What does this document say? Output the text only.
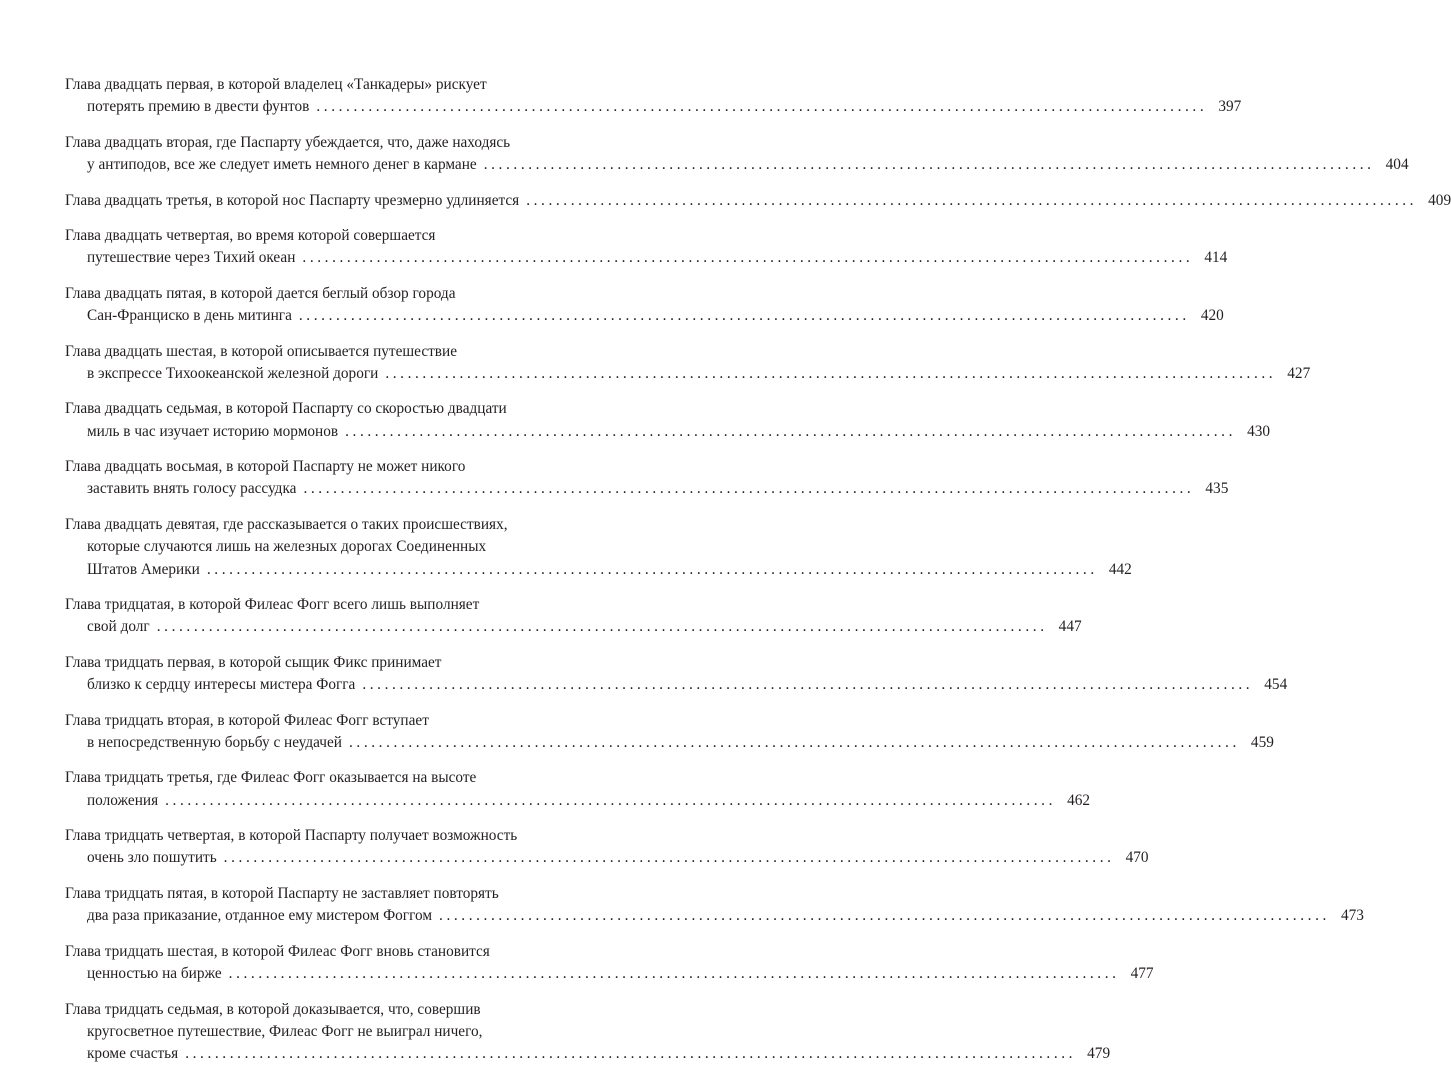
Глава двадцать первая, в которой владелец «Танкадеры» рискует
потерять премию в двести фунтов ........................................................................................................................ 397
Глава двадцать вторая, где Паспарту убеждается, что, даже находясь
у антиподов, все же следует иметь немного денег в кармане ........................................................................................................................ 404
Глава двадцать третья, в которой нос Паспарту чрезмерно удлиняется ........................................................................................................................ 409
Глава двадцать четвертая, во время которой совершается
путешествие через Тихий океан ........................................................................................................................ 414
Глава двадцать пятая, в которой дается беглый обзор города
Сан-Франциско в день митинга ........................................................................................................................ 420
Глава двадцать шестая, в которой описывается путешествие
в экспрессе Тихоокеанской железной дороги ........................................................................................................................ 427
Глава двадцать седьмая, в которой Паспарту со скоростью двадцати
миль в час изучает историю мормонов ........................................................................................................................ 430
Глава двадцать восьмая, в которой Паспарту не может никого
заставить внять голосу рассудка ........................................................................................................................ 435
Глава двадцать девятая, где рассказывается о таких происшествиях,
которые случаются лишь на железных дорогах Соединенных
Штатов Америки ........................................................................................................................ 442
Глава тридцатая, в которой Филеас Фогг всего лишь выполняет
свой долг ........................................................................................................................ 447
Глава тридцать первая, в которой сыщик Фикс принимает
близко к сердцу интересы мистера Фогга ........................................................................................................................ 454
Глава тридцать вторая, в которой Филеас Фогг вступает
в непосредственную борьбу с неудачей ........................................................................................................................ 459
Глава тридцать третья, где Филеас Фогг оказывается на высоте
положения ........................................................................................................................ 462
Глава тридцать четвертая, в которой Паспарту получает возможность
очень зло пошутить ........................................................................................................................ 470
Глава тридцать пятая, в которой Паспарту не заставляет повторять
два раза приказание, отданное ему мистером Фоггом ........................................................................................................................ 473
Глава тридцать шестая, в которой Филеас Фогг вновь становится
ценностью на бирже ........................................................................................................................ 477
Глава тридцать седьмая, в которой доказывается, что, совершив
кругосветное путешествие, Филеас Фогг не выиграл ничего,
кроме счастья ........................................................................................................................ 479
